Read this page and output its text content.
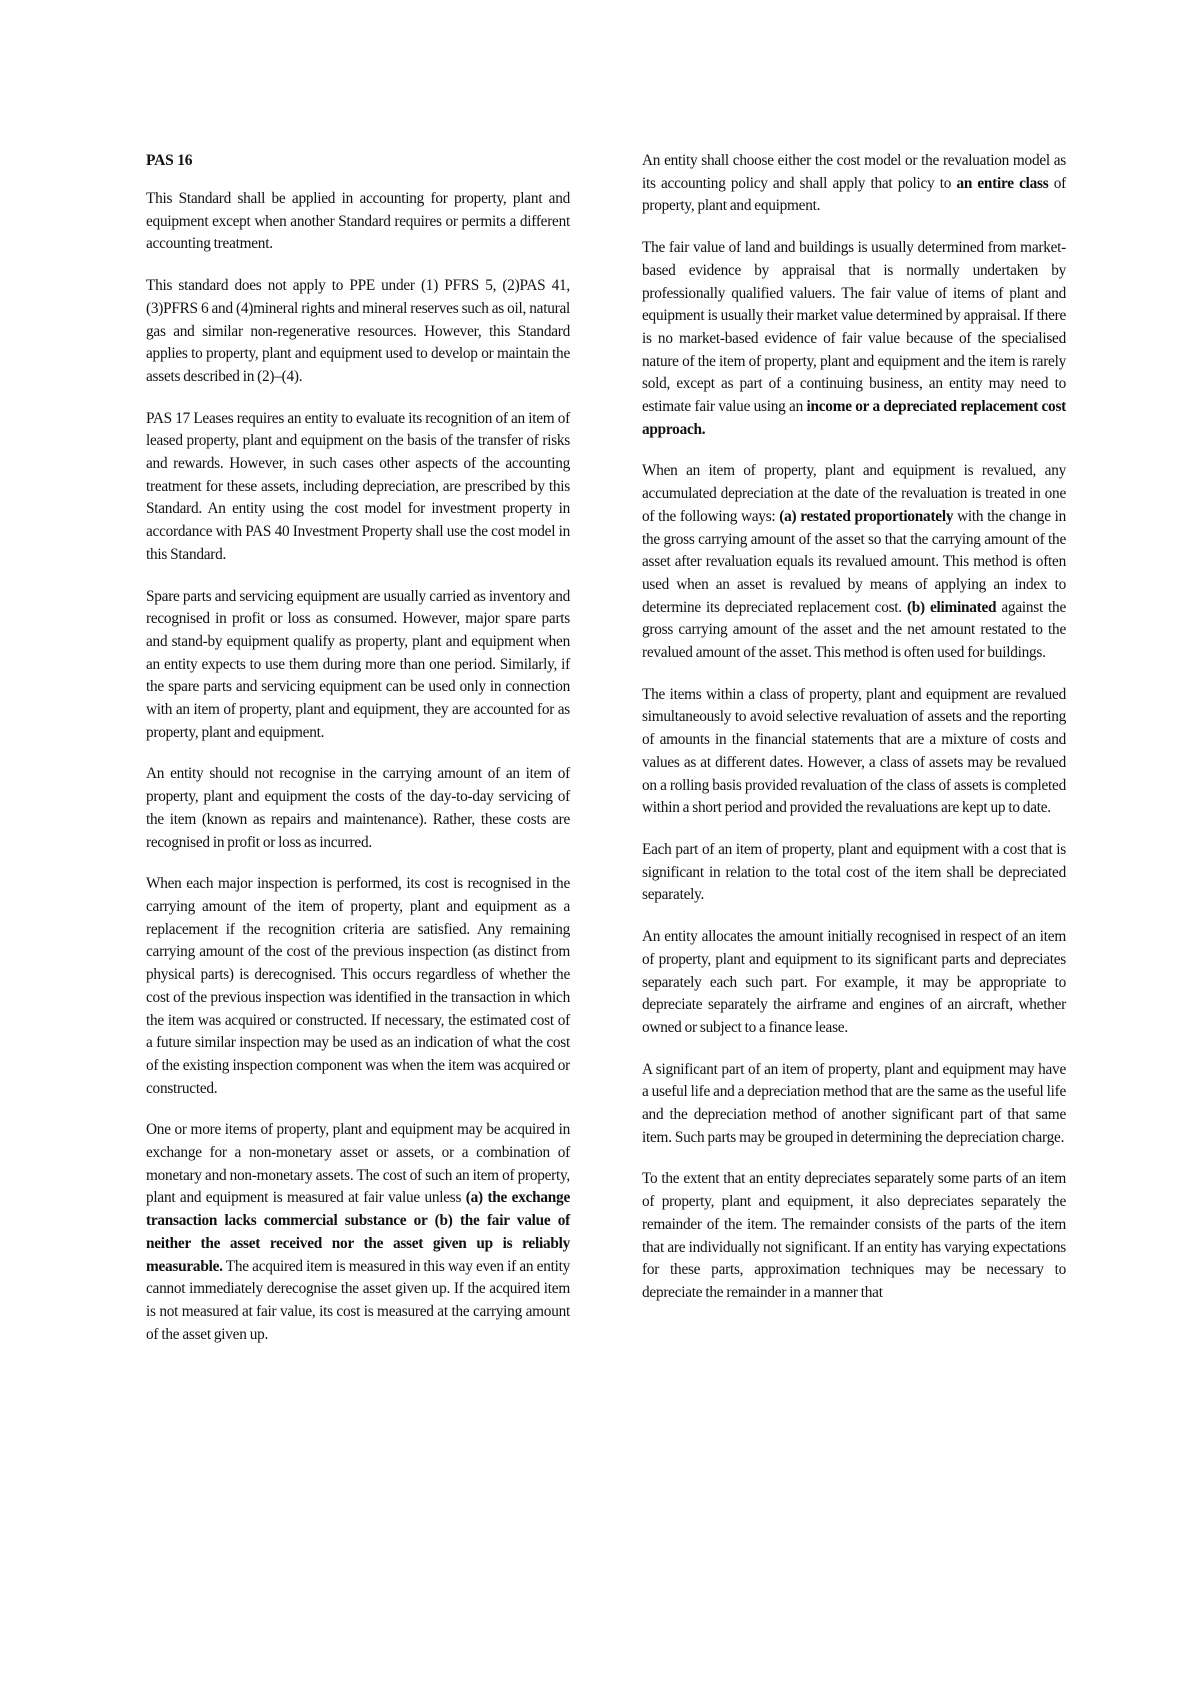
PAS 16

This Standard shall be applied in accounting for property, plant and equipment except when another Standard requires or permits a different accounting treatment.

This standard does not apply to PPE under (1) PFRS 5, (2)PAS 41, (3)PFRS 6 and (4)mineral rights and mineral reserves such as oil, natural gas and similar non-regenerative resources. However, this Standard applies to property, plant and equipment used to develop or maintain the assets described in (2)–(4).

PAS 17 Leases requires an entity to evaluate its recognition of an item of leased property, plant and equipment on the basis of the transfer of risks and rewards. However, in such cases other aspects of the accounting treatment for these assets, including depreciation, are prescribed by this Standard. An entity using the cost model for investment property in accordance with PAS 40 Investment Property shall use the cost model in this Standard.

Spare parts and servicing equipment are usually carried as inventory and recognised in profit or loss as consumed. However, major spare parts and stand-by equipment qualify as property, plant and equipment when an entity expects to use them during more than one period. Similarly, if the spare parts and servicing equipment can be used only in connection with an item of property, plant and equipment, they are accounted for as property, plant and equipment.

An entity should not recognise in the carrying amount of an item of property, plant and equipment the costs of the day-to-day servicing of the item (known as repairs and maintenance). Rather, these costs are recognised in profit or loss as incurred.

When each major inspection is performed, its cost is recognised in the carrying amount of the item of property, plant and equipment as a replacement if the recognition criteria are satisfied. Any remaining carrying amount of the cost of the previous inspection (as distinct from physical parts) is derecognised. This occurs regardless of whether the cost of the previous inspection was identified in the transaction in which the item was acquired or constructed. If necessary, the estimated cost of a future similar inspection may be used as an indication of what the cost of the existing inspection component was when the item was acquired or constructed.

One or more items of property, plant and equipment may be acquired in exchange for a non-monetary asset or assets, or a combination of monetary and non-monetary assets. The cost of such an item of property, plant and equipment is measured at fair value unless (a) the exchange transaction lacks commercial substance or (b) the fair value of neither the asset received nor the asset given up is reliably measurable. The acquired item is measured in this way even if an entity cannot immediately derecognise the asset given up. If the acquired item is not measured at fair value, its cost is measured at the carrying amount of the asset given up.

An entity shall choose either the cost model or the revaluation model as its accounting policy and shall apply that policy to an entire class of property, plant and equipment.

The fair value of land and buildings is usually determined from market-based evidence by appraisal that is normally undertaken by professionally qualified valuers. The fair value of items of plant and equipment is usually their market value determined by appraisal. If there is no market-based evidence of fair value because of the specialised nature of the item of property, plant and equipment and the item is rarely sold, except as part of a continuing business, an entity may need to estimate fair value using an income or a depreciated replacement cost approach.

When an item of property, plant and equipment is revalued, any accumulated depreciation at the date of the revaluation is treated in one of the following ways: (a) restated proportionately with the change in the gross carrying amount of the asset so that the carrying amount of the asset after revaluation equals its revalued amount. This method is often used when an asset is revalued by means of applying an index to determine its depreciated replacement cost. (b) eliminated against the gross carrying amount of the asset and the net amount restated to the revalued amount of the asset. This method is often used for buildings.

The items within a class of property, plant and equipment are revalued simultaneously to avoid selective revaluation of assets and the reporting of amounts in the financial statements that are a mixture of costs and values as at different dates. However, a class of assets may be revalued on a rolling basis provided revaluation of the class of assets is completed within a short period and provided the revaluations are kept up to date.

Each part of an item of property, plant and equipment with a cost that is significant in relation to the total cost of the item shall be depreciated separately.

An entity allocates the amount initially recognised in respect of an item of property, plant and equipment to its significant parts and depreciates separately each such part. For example, it may be appropriate to depreciate separately the airframe and engines of an aircraft, whether owned or subject to a finance lease.

A significant part of an item of property, plant and equipment may have a useful life and a depreciation method that are the same as the useful life and the depreciation method of another significant part of that same item. Such parts may be grouped in determining the depreciation charge.

To the extent that an entity depreciates separately some parts of an item of property, plant and equipment, it also depreciates separately the remainder of the item. The remainder consists of the parts of the item that are individually not significant. If an entity has varying expectations for these parts, approximation techniques may be necessary to depreciate the remainder in a manner that
